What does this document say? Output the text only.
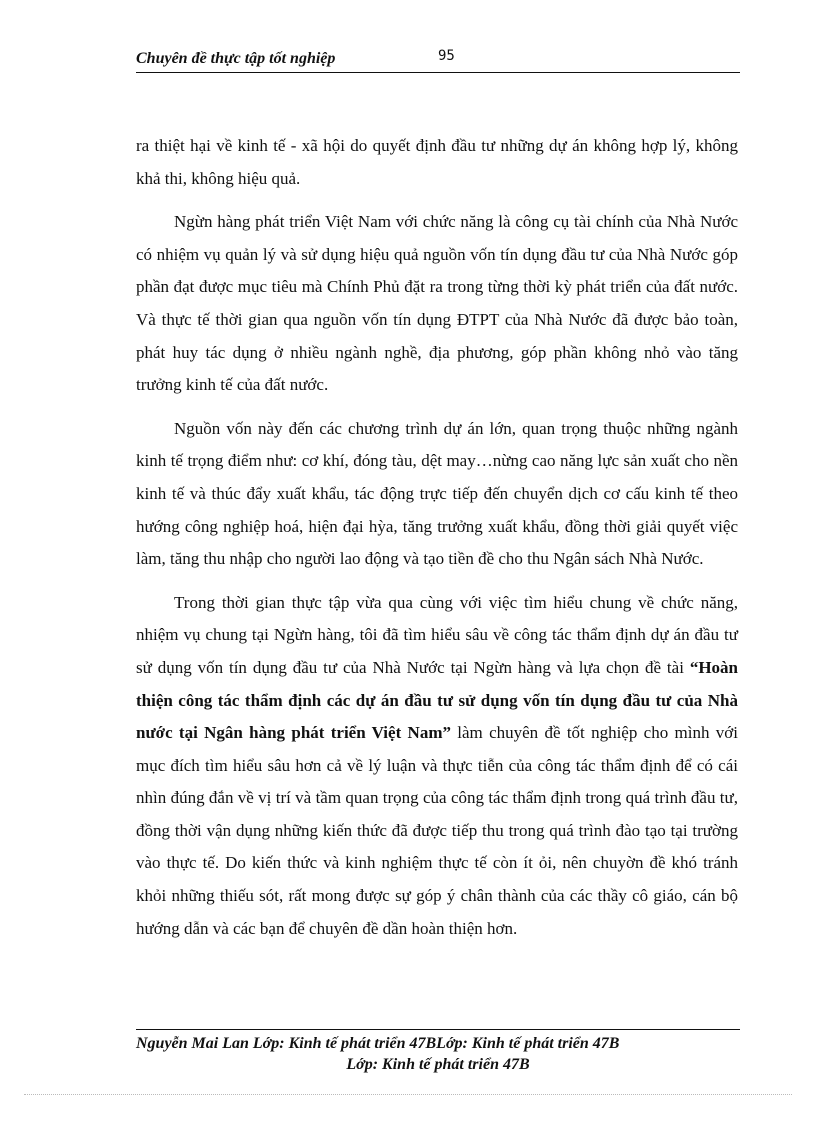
Chuyên đề thực tập tốt nghiệp	95

ra thiệt hại về kinh tế - xã hội do quyết định đầu tư những dự án không hợp lý, không khả thi, không hiệu quả.

Ngừn hàng phát triển Việt Nam với chức năng là công cụ tài chính của Nhà Nước có nhiệm vụ quản lý và sử dụng hiệu quả nguồn vốn tín dụng đầu tư của Nhà Nước góp phần đạt được mục tiêu mà Chính Phủ đặt ra trong từng thời kỳ phát triển của đất nước. Và thực tế thời gian qua nguồn vốn tín dụng ĐTPT của Nhà Nước đã được bảo toàn, phát huy tác dụng ở nhiều ngành nghề, địa phương, góp phần không nhỏ vào tăng trưởng kinh tế của đất nước.

Nguồn vốn này đến các chương trình dự án lớn, quan trọng thuộc những ngành kinh tế trọng điểm như: cơ khí, đóng tàu, dệt may…nừng cao năng lực sản xuất cho nền kinh tế và thúc đẩy xuất khẩu, tác động trực tiếp đến chuyển dịch cơ cấu kinh tế theo hướng công nghiệp hoá, hiện đại hỳa, tăng trưởng xuất khẩu, đồng thời giải quyết việc làm, tăng thu nhập cho người lao động và tạo tiền đề cho thu Ngân sách Nhà Nước.

Trong thời gian thực tập vừa qua cùng với việc tìm hiểu chung về chức năng, nhiệm vụ chung tại Ngừn hàng, tôi đã tìm hiểu sâu về công tác thẩm định dự án đầu tư sử dụng vốn tín dụng đầu tư của Nhà Nước tại Ngừn hàng và lựa chọn đề tài “Hoàn thiện công tác thẩm định các dự án đầu tư sử dụng vốn tín dụng đầu tư của Nhà nước tại Ngân hàng phát triển Việt Nam” làm chuyên đề tốt nghiệp cho mình với mục đích tìm hiểu sâu hơn cả về lý luận và thực tiễn của công tác thẩm định để có cái nhìn đúng đắn về vị trí và tầm quan trọng của công tác thẩm định trong quá trình đầu tư, đồng thời vận dụng những kiến thức đã được tiếp thu trong quá trình đào tạo tại trường vào thực tế. Do kiến thức và kinh nghiệm thực tế còn ít ỏi, nên chuyờn đề khó tránh khỏi những thiếu sót, rất mong được sự góp ý chân thành của các thầy cô giáo, cán bộ hướng dẫn và các bạn để chuyên đề dần hoàn thiện hơn.

Nguyễn Mai Lan Lớp: Kinh tế phát triển 47BLớp: Kinh tế phát triển 47B
Lớp: Kinh tế phát triển 47B
